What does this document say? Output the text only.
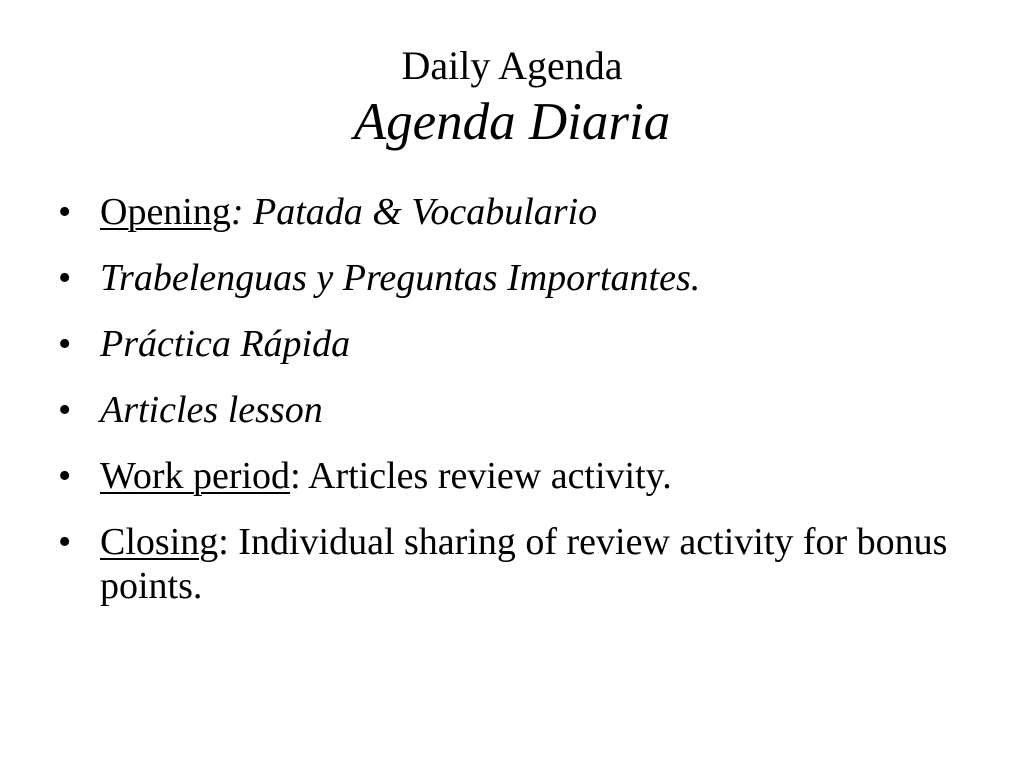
Daily Agenda
Agenda Diaria
• Opening: Patada & Vocabulario
• Trabelenguas y Preguntas Importantes.
• Práctica Rápida
• Articles lesson
• Work period: Articles review activity.
• Closing: Individual sharing of review activity for bonus points.
